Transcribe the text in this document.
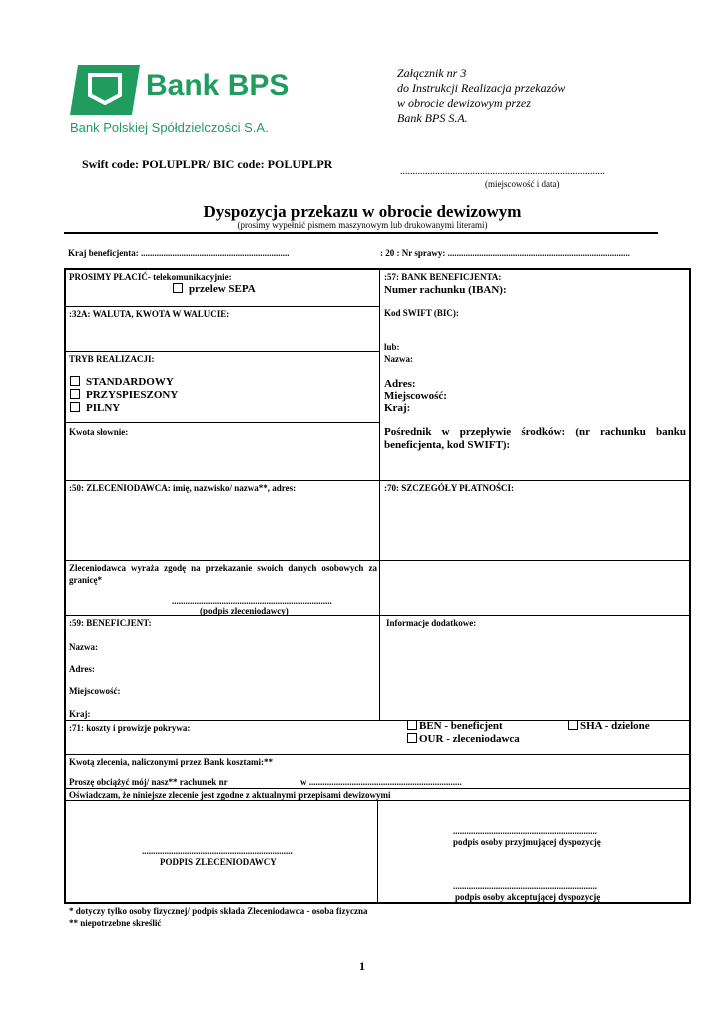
Bank BPS
Bank Polskiej Spółdzielczości S.A.
Załącznik nr 3
do Instrukcji Realizacja przekazów
w obrocie dewizowym przez
Bank BPS S.A.
Swift code: POLUPLPR/ BIC code: POLUPLPR
..................................................................................
(miejscowość i data)
Dyspozycja przekazu w obrocie dewizowym
(prosimy wypełnić pismem maszynowym lub drukowanymi literami)
Kraj beneficjenta: ..................................................................	: 20 : Nr sprawy: .................................................................................
PROSIMY PŁACIĆ- telekomunikacyjnie:
przelew SEPA
:32A: WALUTA, KWOTA W WALUCIE:
TRYB REALIZACJI:
STANDARDOWY
PRZYSPIESZONY
PILNY
Kwota słownie:
:50: ZLECENIODAWCA: imię, nazwisko/ nazwa**, adres:
Zleceniodawca wyraża zgodę na przekazanie swoich danych osobowych za granicę*
.......................................................................
(podpis zleceniodawcy)
:59: BENEFICJENT:
Nazwa:
Adres:
Miejscowość:
Kraj:
:71: koszty i prowizje pokrywa:
:57: BANK BENEFICJENTA:
Numer rachunku (IBAN):
Kod SWIFT (BIC):
lub:
Nazwa:
Adres:
Miejscowość:
Kraj:
Pośrednik w przepływie środków: (nr rachunku banku beneficjenta, kod SWIFT):
:70: SZCZEGÓŁY PŁATNOŚCI:
Informacje dodatkowe:
BEN - beneficjent	SHA - dzielone
OUR - zleceniodawca
Kwotą zlecenia, naliczonymi przez Bank kosztami:**
Proszę obciążyć mój/ nasz** rachunek nr	w ....................................................................
Oświadczam, że niniejsze zlecenie jest zgodne z aktualnymi przepisami dewizowymi
...................................................................
PODPIS ZLECENIODAWCY
................................................................
podpis osoby przyjmującej dyspozycję
................................................................
podpis osoby akceptującej dyspozycję
* dotyczy tylko osoby fizycznej/ podpis składa Zleceniodawca - osoba fizyczna
** niepotrzebne skreślić
1
